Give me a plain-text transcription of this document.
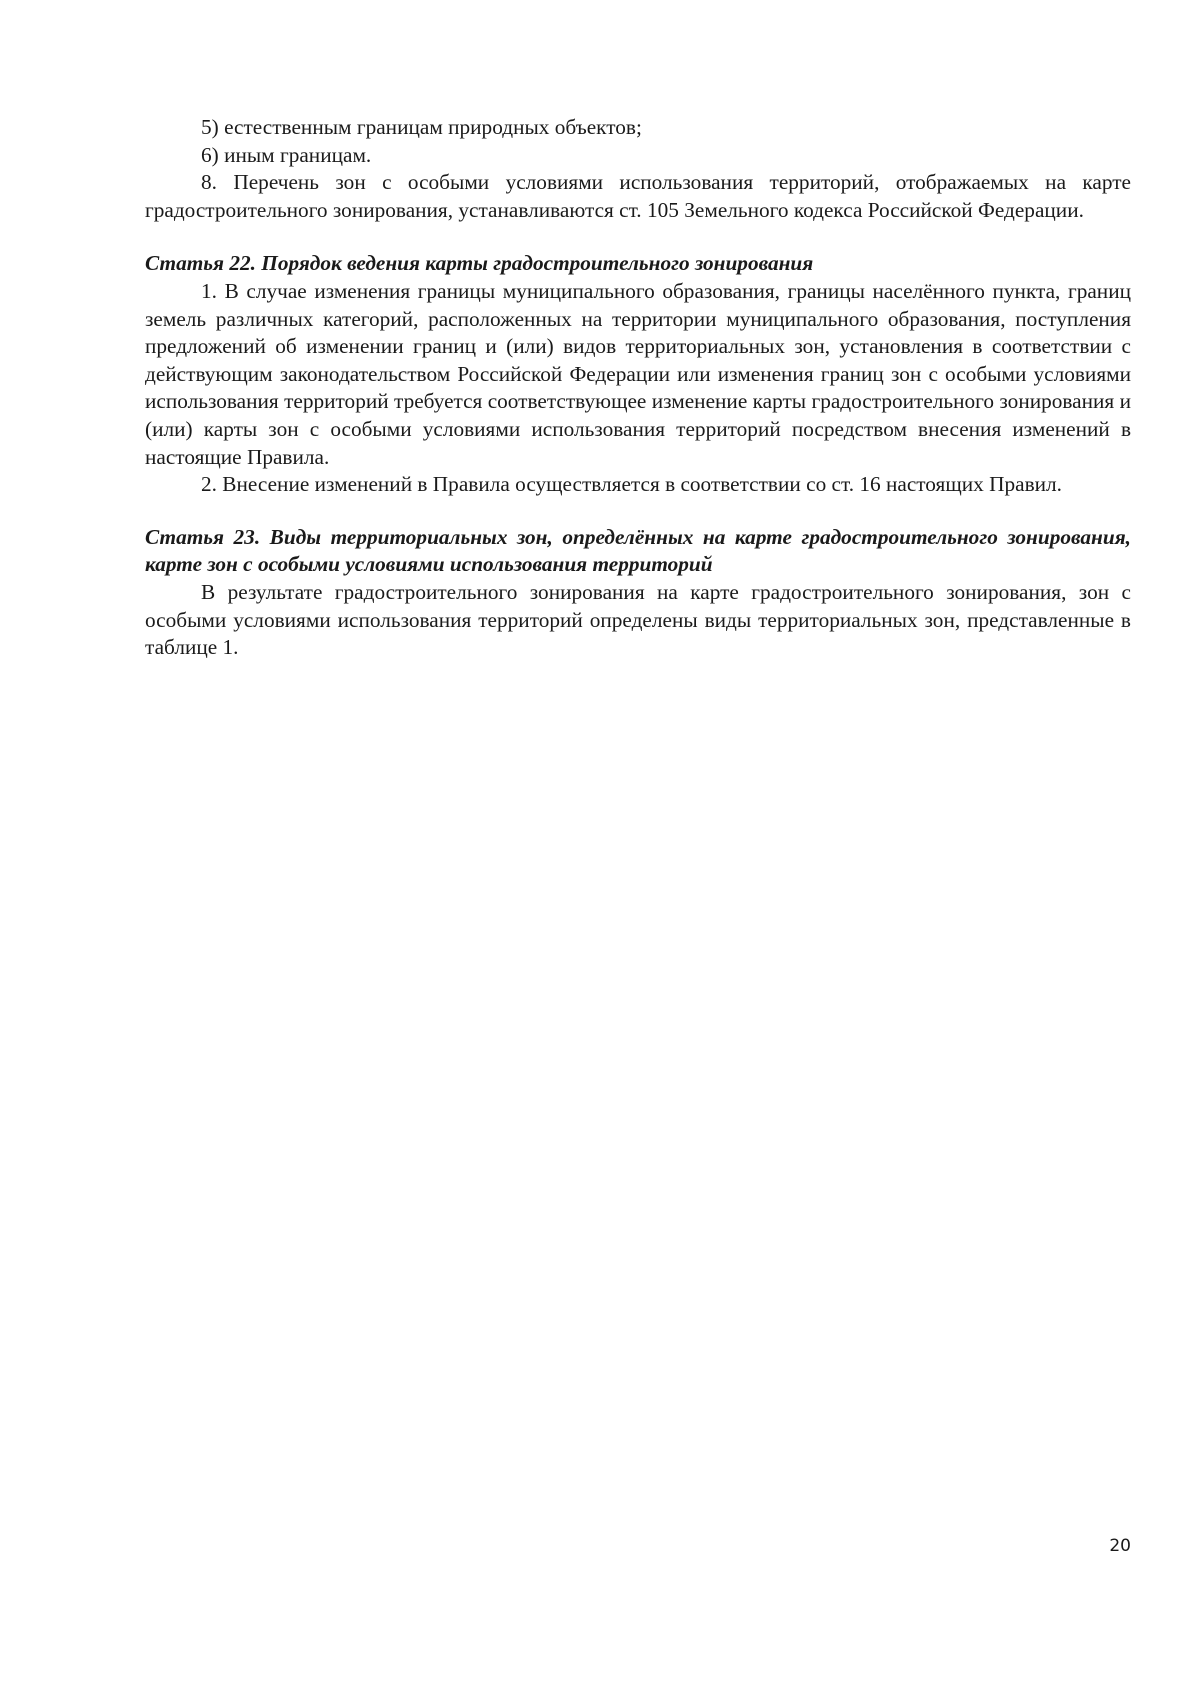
5) естественным границам природных объектов;

6) иным границам.

8. Перечень зон с особыми условиями использования территорий, отображаемых на карте градостроительного зонирования, устанавливаются ст. 105 Земельного кодекса Российской Федерации.

Статья 22. Порядок ведения карты градостроительного зонирования

1. В случае изменения границы муниципального образования, границы населённого пункта, границ земель различных категорий, расположенных на территории муниципального образования, поступления предложений об изменении границ и (или) видов территориальных зон, установления в соответствии с действующим законодательством Российской Федерации или изменения границ зон с особыми условиями использования территорий требуется соответствующее изменение карты градостроительного зонирования и (или) карты зон с особыми условиями использования территорий посредством внесения изменений в настоящие Правила.

2. Внесение изменений в Правила осуществляется в соответствии со ст. 16 настоящих Правил.

Статья 23. Виды территориальных зон, определённых на карте градостроительного зонирования, карте зон с особыми условиями использования территорий

В результате градостроительного зонирования на карте градостроительного зонирования, зон с особыми условиями использования территорий определены виды территориальных зон, представленные в таблице 1.

20
